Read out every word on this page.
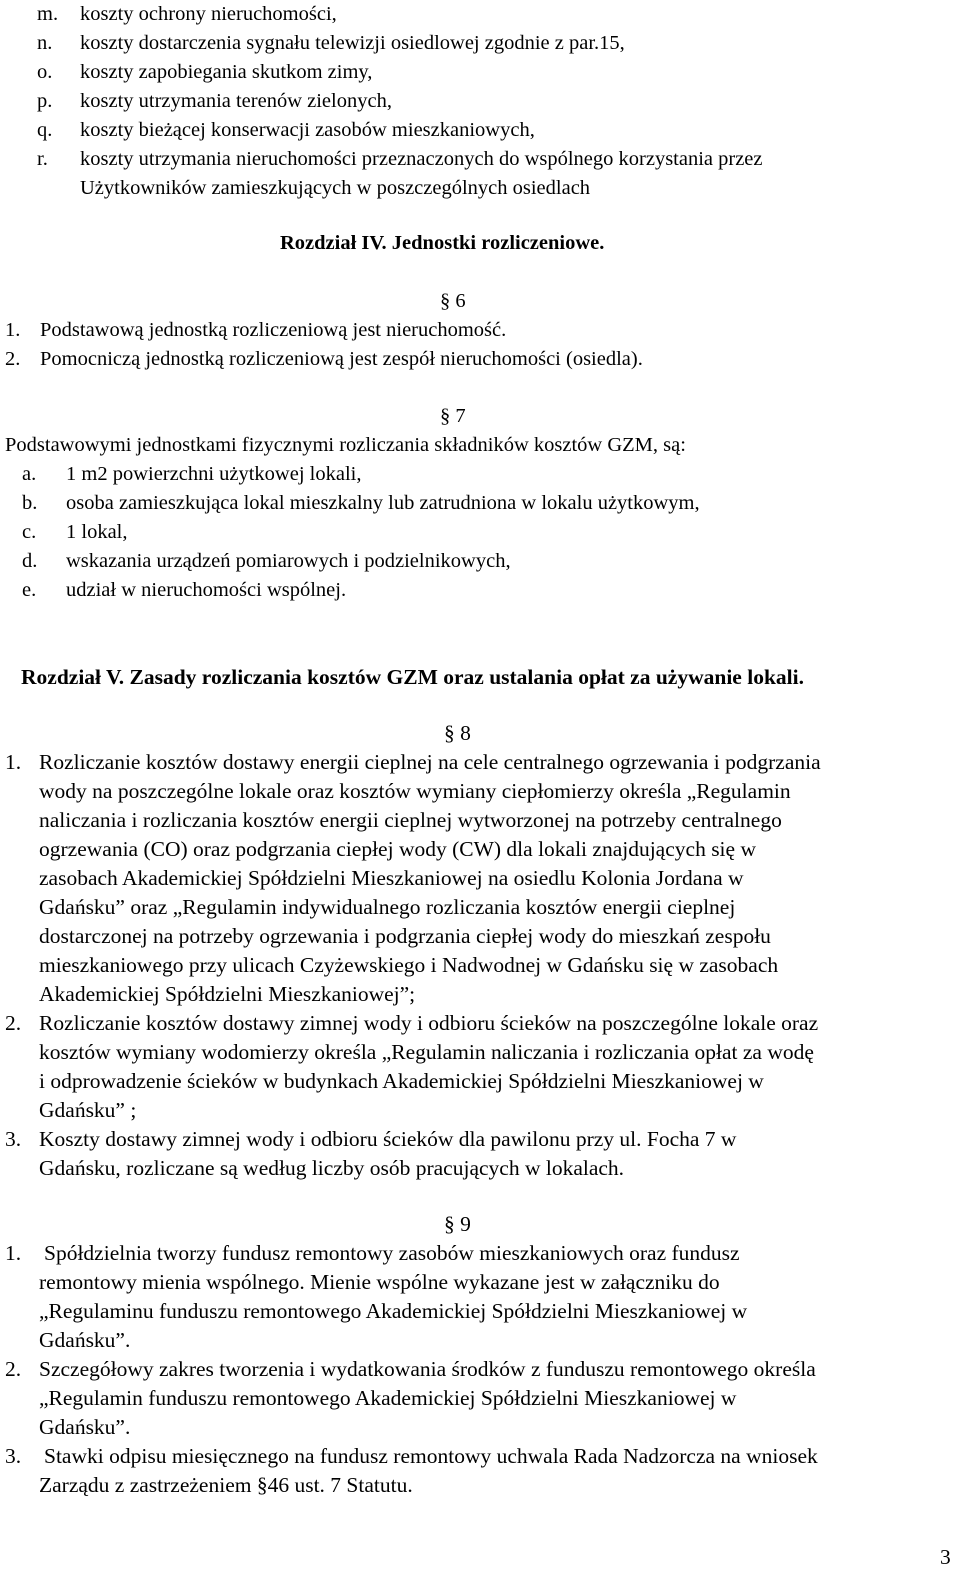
m. koszty ochrony nieruchomości,
n. koszty dostarczenia sygnału telewizji osiedlowej zgodnie z par.15,
o. koszty zapobiegania skutkom zimy,
p. koszty utrzymania terenów zielonych,
q. koszty bieżącej konserwacji zasobów mieszkaniowych,
r. koszty utrzymania nieruchomości przeznaczonych do wspólnego korzystania przez
Użytkowników zamieszkujących w poszczególnych osiedlach
Rozdział IV. Jednostki rozliczeniowe.
§ 6
1. Podstawową jednostką rozliczeniową jest nieruchomość.
2. Pomocniczą jednostką rozliczeniową jest zespół nieruchomości (osiedla).
§ 7
Podstawowymi jednostkami fizycznymi rozliczania składników kosztów GZM, są:
a. 1 m2 powierzchni użytkowej lokali,
b. osoba zamieszkująca lokal mieszkalny lub zatrudniona w lokalu użytkowym,
c. 1 lokal,
d. wskazania urządzeń pomiarowych i podzielnikowych,
e. udział w nieruchomości wspólnej.
Rozdział V. Zasady rozliczania kosztów GZM oraz ustalania opłat za używanie lokali.
§ 8
1. Rozliczanie kosztów dostawy energii cieplnej na cele centralnego ogrzewania i podgrzania
wody na poszczególne lokale oraz kosztów wymiany ciepłomierzy określa „Regulamin
naliczania i rozliczania kosztów energii cieplnej wytworzonej na potrzeby centralnego
ogrzewania (CO) oraz podgrzania ciepłej wody (CW) dla lokali znajdujących się w
zasobach Akademickiej Spółdzielni Mieszkaniowej na osiedlu Kolonia Jordana w
Gdańsku” oraz „Regulamin indywidualnego rozliczania kosztów energii cieplnej
dostarczonej na potrzeby ogrzewania i podgrzania ciepłej wody do mieszkań zespołu
mieszkaniowego przy ulicach Czyżewskiego i Nadwodnej w Gdańsku się w zasobach
Akademickiej Spółdzielni Mieszkaniowej”;
2. Rozliczanie kosztów dostawy zimnej wody i odbioru ścieków na poszczególne lokale oraz
kosztów wymiany wodomierzy określa „Regulamin naliczania i rozliczania opłat za wodę
i odprowadzenie ścieków w budynkach Akademickiej Spółdzielni Mieszkaniowej w
Gdańsku” ;
3. Koszty dostawy zimnej wody i odbioru ścieków dla pawilonu przy ul. Focha 7 w
Gdańsku, rozliczane są według liczby osób pracujących w lokalach.
§ 9
1. Spółdzielnia tworzy fundusz remontowy zasobów mieszkaniowych oraz fundusz
remontowy mienia wspólnego. Mienie wspólne wykazane jest w załączniku do
„Regulaminu funduszu remontowego Akademickiej Spółdzielni Mieszkaniowej w
Gdańsku”.
2. Szczegółowy zakres tworzenia i wydatkowania środków z funduszu remontowego określa
„Regulamin funduszu remontowego Akademickiej Spółdzielni Mieszkaniowej w
Gdańsku”.
3. Stawki odpisu miesięcznego na fundusz remontowy uchwala Rada Nadzorcza na wniosek
Zarządu z zastrzeżeniem §46 ust. 7 Statutu.
3
